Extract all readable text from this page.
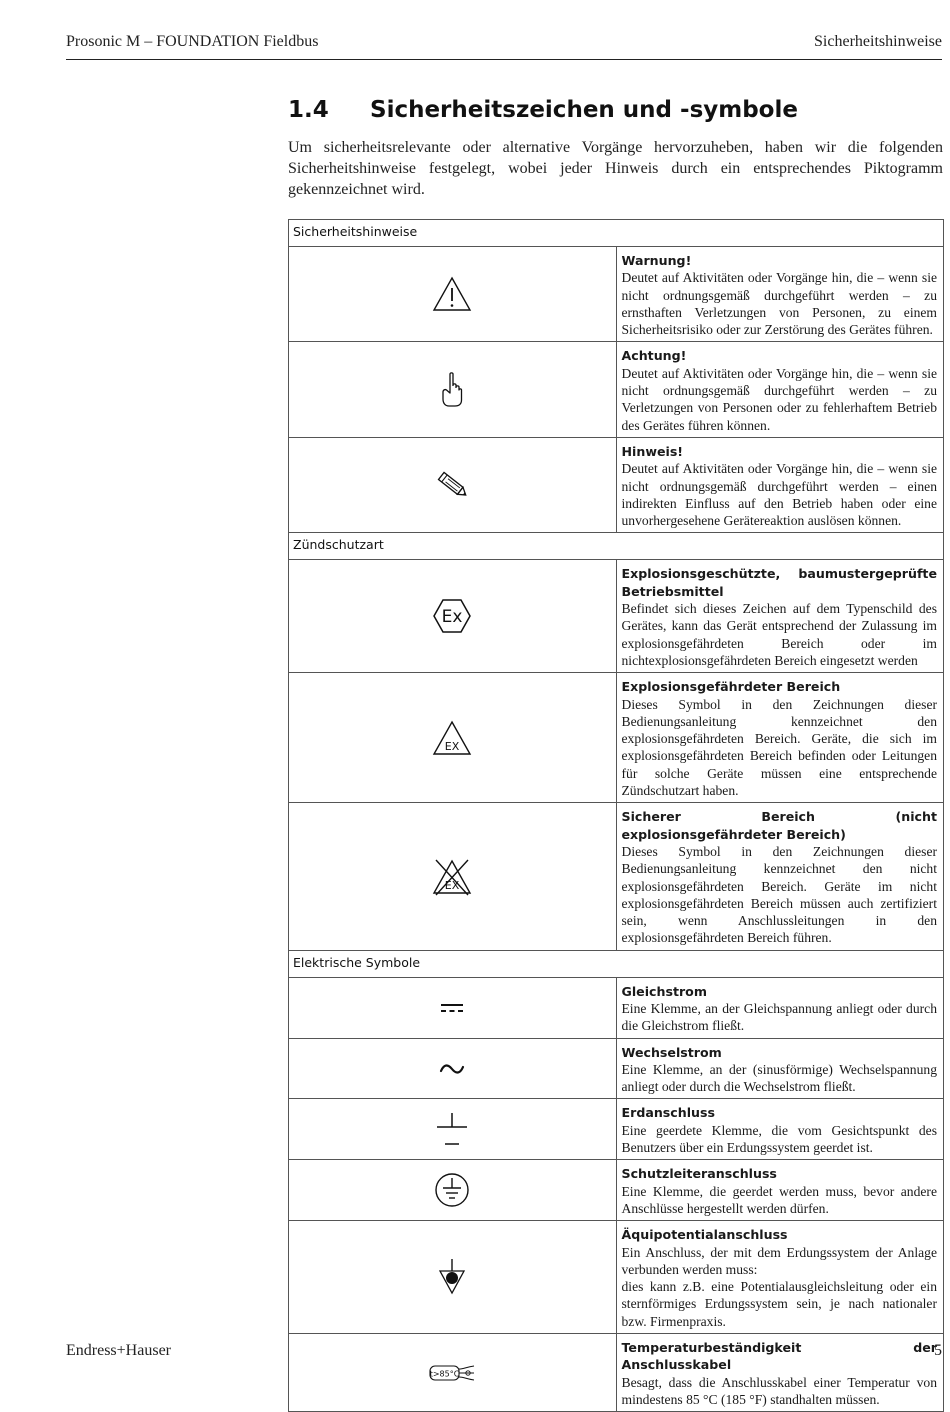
Prosonic M – FOUNDATION Fieldbus	Sicherheitshinweise
1.4 Sicherheitszeichen und -symbole
Um sicherheitsrelevante oder alternative Vorgänge hervorzuheben, haben wir die folgenden Sicherheitshinweise festgelegt, wobei jeder Hinweis durch ein entsprechendes Piktogramm gekennzeichnet wird.
Sicherheitshinweise	

Warnung!
Deutet auf Aktivitäten oder Vorgänge hin, die – wenn sie nicht ordnungsgemäß durchgeführt werden – zu ernsthaften Verletzungen von Personen, zu einem Sicherheitsrisiko oder zur Zerstörung des Gerätes führen.

Achtung!
Deutet auf Aktivitäten oder Vorgänge hin, die – wenn sie nicht ordnungsgemäß durchgeführt werden – zu Verletzungen von Personen oder zu fehlerhaftem Betrieb des Gerätes führen können.

Hinweis!
Deutet auf Aktivitäten oder Vorgänge hin, die – wenn sie nicht ordnungsgemäß durchgeführt werden – einen indirekten Einfluss auf den Betrieb haben oder eine unvorhergesehene Gerätereaktion auslösen können.
Zündschutzart	

Ex	Explosionsgeschützte, baumustergeprüfte Betriebsmittel
Befindet sich dieses Zeichen auf dem Typenschild des Gerätes, kann das Gerät entsprechend der Zulassung im explosionsgefährdeten Bereich oder im nichtexplosionsgefährdeten Bereich eingesetzt werden

EX	Explosionsgefährdeter Bereich
Dieses Symbol in den Zeichnungen dieser Bedienungsanleitung kennzeichnet den explosionsgefährdeten Bereich. Geräte, die sich im explosionsgefährdeten Bereich befinden oder Leitungen für solche Geräte müssen eine entsprechende Zündschutzart haben.

EX	Sicherer Bereich (nicht explosionsgefährdeter Bereich)
Dieses Symbol in den Zeichnungen dieser Bedienungsanleitung kennzeichnet den nicht explosionsgefährdeten Bereich. Geräte im nicht explosionsgefährdeten Bereich müssen auch zertifiziert sein, wenn Anschlussleitungen in den explosionsgefährdeten Bereich führen.
Elektrische Symbole	

Gleichstrom
Eine Klemme, an der Gleichspannung anliegt oder durch die Gleichstrom fließt.

Wechselstrom
Eine Klemme, an der (sinusförmige) Wechselspannung anliegt oder durch die Wechselstrom fließt.

Erdanschluss
Eine geerdete Klemme, die vom Gesichtspunkt des Benutzers über ein Erdungssystem geerdet ist.

Schutzleiteranschluss
Eine Klemme, die geerdet werden muss, bevor andere Anschlüsse hergestellt werden dürfen.

Äquipotentialanschluss
Ein Anschluss, der mit dem Erdungssystem der Anlage verbunden werden muss:
dies kann z.B. eine Potentialausgleichsleitung oder ein sternförmiges Erdungssystem sein, je nach nationaler bzw. Firmenpraxis.

t>85°C	Temperaturbeständigkeit der Anschlusskabel
Besagt, dass die Anschlusskabel einer Temperatur von mindestens 85 °C (185 °F) standhalten müssen.
Endress+Hauser	5
